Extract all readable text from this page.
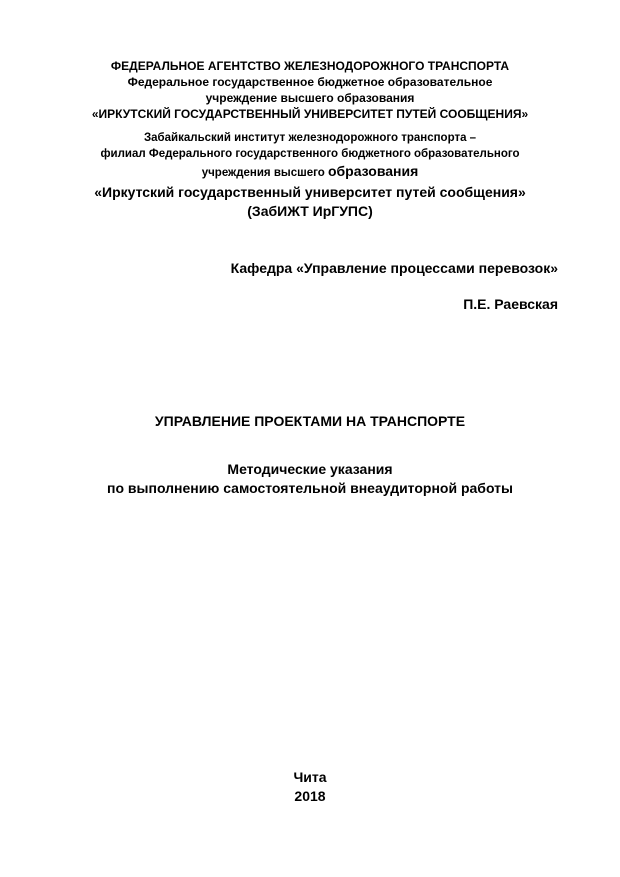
ФЕДЕРАЛЬНОЕ АГЕНТСТВО ЖЕЛЕЗНОДОРОЖНОГО ТРАНСПОРТА
Федеральное государственное бюджетное образовательное
учреждение высшего образования
«ИРКУТСКИЙ ГОСУДАРСТВЕННЫЙ УНИВЕРСИТЕТ ПУТЕЙ СООБЩЕНИЯ»
Забайкальский институт железнодорожного транспорта –
филиал Федерального государственного бюджетного образовательного
учреждения высшего образования
«Иркутский государственный университет путей сообщения»
(ЗабИЖТ ИрГУПС)
Кафедра «Управление процессами перевозок»
П.Е. Раевская
УПРАВЛЕНИЕ ПРОЕКТАМИ НА ТРАНСПОРТЕ
Методические указания
по выполнению самостоятельной внеаудиторной работы
Чита
2018
